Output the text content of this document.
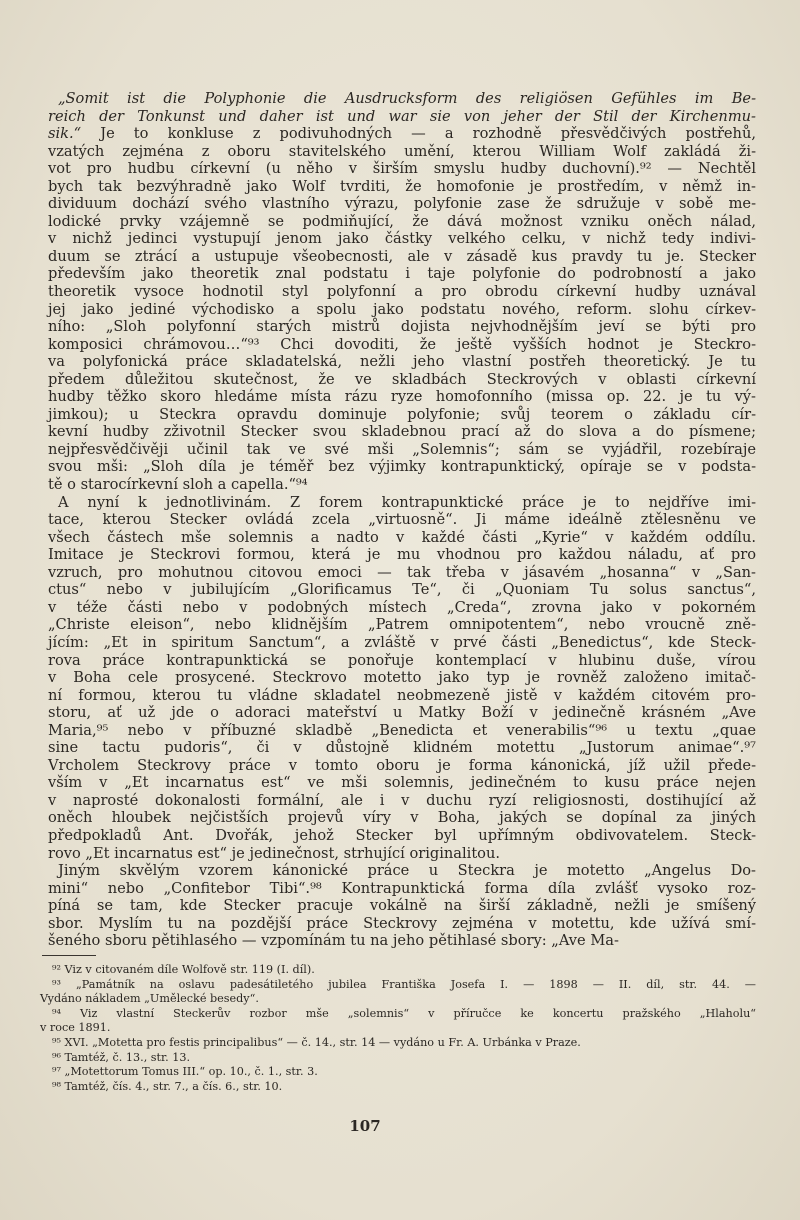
„Somit ist die Polyphonie die Ausdrucksform des religiösen Gefühles im Be-
reich der Tonkunst und daher ist und war sie von jeher der Stil der Kirchenmu-
sik.“ Je to konkluse z podivuhodných — a rozhodně přesvědčivých postřehů,
vzatých zejména z oboru stavitelského umění, kterou William Wolf zakládá ži-
vot pro hudbu církevní (u něho v širším smyslu hudby duchovní).⁹² — Nechtěl
bych tak bezvýhradně jako Wolf tvrditi, že homofonie je prostředím, v němž in-
dividuum dochází svého vlastního výrazu, polyfonie zase že sdružuje v sobě me-
lodické prvky vzájemně se podmiňující, že dává možnost vzniku oněch nálad,
v nichž jedinci vystupují jenom jako částky velkého celku, v nichž tedy indivi-
duum se ztrácí a ustupuje všeobecnosti, ale v zásadě kus pravdy tu je. Stecker
především jako theoretik znal podstatu i taje polyfonie do podrobností a jako
theoretik vysoce hodnotil styl polyfonní a pro obrodu církevní hudby uznával
jej jako jediné východisko a spolu jako podstatu nového, reform. slohu církev-
ního: „Sloh polyfonní starých mistrů dojista nejvhodnějším jeví se býti pro
komposici chrámovou…“⁹³ Chci dovoditi, že ještě vyšších hodnot je Steckro-
va polyfonická práce skladatelská, nežli jeho vlastní postřeh theoretický. Je tu
předem důležitou skutečnost, že ve skladbách Steckrových v oblasti církevní
hudby těžko skoro hledáme místa rázu ryze homofonního (missa op. 22. je tu vý-
jimkou); u Steckra opravdu dominuje polyfonie; svůj teorem o základu cír-
kevní hudby zživotnil Stecker svou skladebnou prací až do slova a do písmene;
nejpřesvědčivěji učinil tak ve své mši „Solemnis“; sám se vyjádřil, rozebíraje
svou mši: „Sloh díla je téměř bez výjimky kontrapunktický, opíraje se v podsta-
tě o starocírkevní sloh a capella.“⁹⁴
A nyní k jednotlivinám. Z forem kontrapunktické práce je to nejdříve imi-
tace, kterou Stecker ovládá zcela „virtuosně“. Ji máme ideálně ztělesněnu ve
všech částech mše solemnis a nadto v každé části „Kyrie“ v každém oddílu.
Imitace je Steckrovi formou, která je mu vhodnou pro každou náladu, ať pro
vzruch, pro mohutnou citovou emoci — tak třeba v jásavém „hosanna“ v „San-
ctus“ nebo v jubilujícím „Glorificamus Te“, či „Quoniam Tu solus sanctus“,
v téže části nebo v podobných místech „Creda“, zrovna jako v pokorném
„Christe eleison“, nebo klidnějším „Patrem omnipotentem“, nebo vroucně zně-
jícím: „Et in spiritum Sanctum“, a zvláště v prvé části „Benedictus“, kde Steck-
rova práce kontrapunktická se ponořuje kontemplací v hlubinu duše, vírou
v Boha cele prosycené. Steckrovo motetto jako typ je rovněž založeno imitač-
ní formou, kterou tu vládne skladatel neobmezeně jistě v každém citovém pro-
storu, ať už jde o adoraci mateřství u Matky Boží v jedinečně krásném „Ave
Maria,⁹⁵ nebo v příbuzné skladbě „Benedicta et venerabilis“⁹⁶ u textu „quae
sine tactu pudoris“, či v důstojně klidném motettu „Justorum animae“.⁹⁷
Vrcholem Steckrovy práce v tomto oboru je forma kánonická, jíž užil přede-
vším v „Et incarnatus est“ ve mši solemnis, jedinečném to kusu práce nejen
v naprosté dokonalosti formální, ale i v duchu ryzí religiosnosti, dostihující až
oněch hloubek nejčistších projevů víry v Boha, jakých se dopínal za jiných
předpokladů Ant. Dvořák, jehož Stecker byl upřímným obdivovatelem. Steck-
rovo „Et incarnatus est“ je jedinečnost, strhující originalitou.
Jiným skvělým vzorem kánonické práce u Steckra je motetto „Angelus Do-
mini“ nebo „Confitebor Tibi“.⁹⁸ Kontrapunktická forma díla zvlášť vysoko roz-
píná se tam, kde Stecker pracuje vokálně na širší základně, nežli je smíšený
sbor. Myslím tu na pozdější práce Steckrovy zejména v motettu, kde užívá smí-
šeného sboru pětihlasého — vzpomínám tu na jeho pětihlasé sbory: „Ave Ma-
⁹² Viz v citovaném díle Wolfově str. 119 (I. díl).
⁹³ „Památník na oslavu padesátiletého jubilea Františka Josefa I. — 1898 — II. díl, str. 44. —
Vydáno nákladem „Umělecké besedy“.
⁹⁴ Viz vlastní Steckerův rozbor mše „solemnis“ v příručce ke koncertu pražského „Hlaholu“
v roce 1891.
⁹⁵ XVI. „Motetta pro festis principalibus“ — č. 14., str. 14 — vydáno u Fr. A. Urbánka v Praze.
⁹⁶ Tamtéž, č. 13., str. 13.
⁹⁷ „Motettorum Tomus III.“ op. 10., č. 1., str. 3.
⁹⁸ Tamtéž, čís. 4., str. 7., a čís. 6., str. 10.
107
